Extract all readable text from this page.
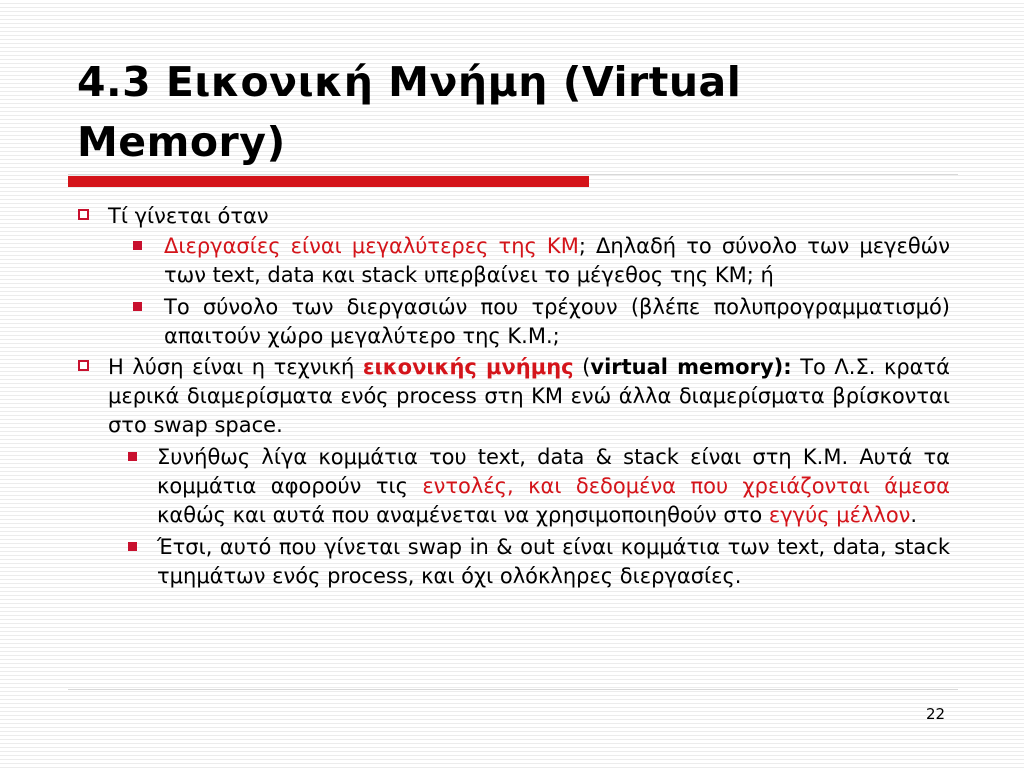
4.3 Εικονική Μνήμη (Virtual
Memory)
Τί γίνεται όταν
Διεργασίες είναι μεγαλύτερες της ΚΜ; Δηλαδή το σύνολο των μεγεθών των text, data και stack υπερβαίνει το μέγεθος της ΚΜ; ή
Το σύνολο των διεργασιών που τρέχουν (βλέπε πολυπρογραμματισμό) απαιτούν χώρο μεγαλύτερο της Κ.Μ.;
Η λύση είναι η τεχνική εικονικής μνήμης (virtual memory): Το Λ.Σ. κρατά μερικά διαμερίσματα ενός process στη ΚΜ ενώ άλλα διαμερίσματα βρίσκονται στο swap space.
Συνήθως λίγα κομμάτια του text, data & stack είναι στη Κ.Μ. Αυτά τα κομμάτια αφορούν τις εντολές, και δεδομένα που χρειάζονται άμεσα καθώς και αυτά που αναμένεται να χρησιμοποιηθούν στο εγγύς μέλλον.
Έτσι, αυτό που γίνεται swap in & out είναι κομμάτια των text, data, stack τμημάτων ενός process, και όχι ολόκληρες διεργασίες.
22
